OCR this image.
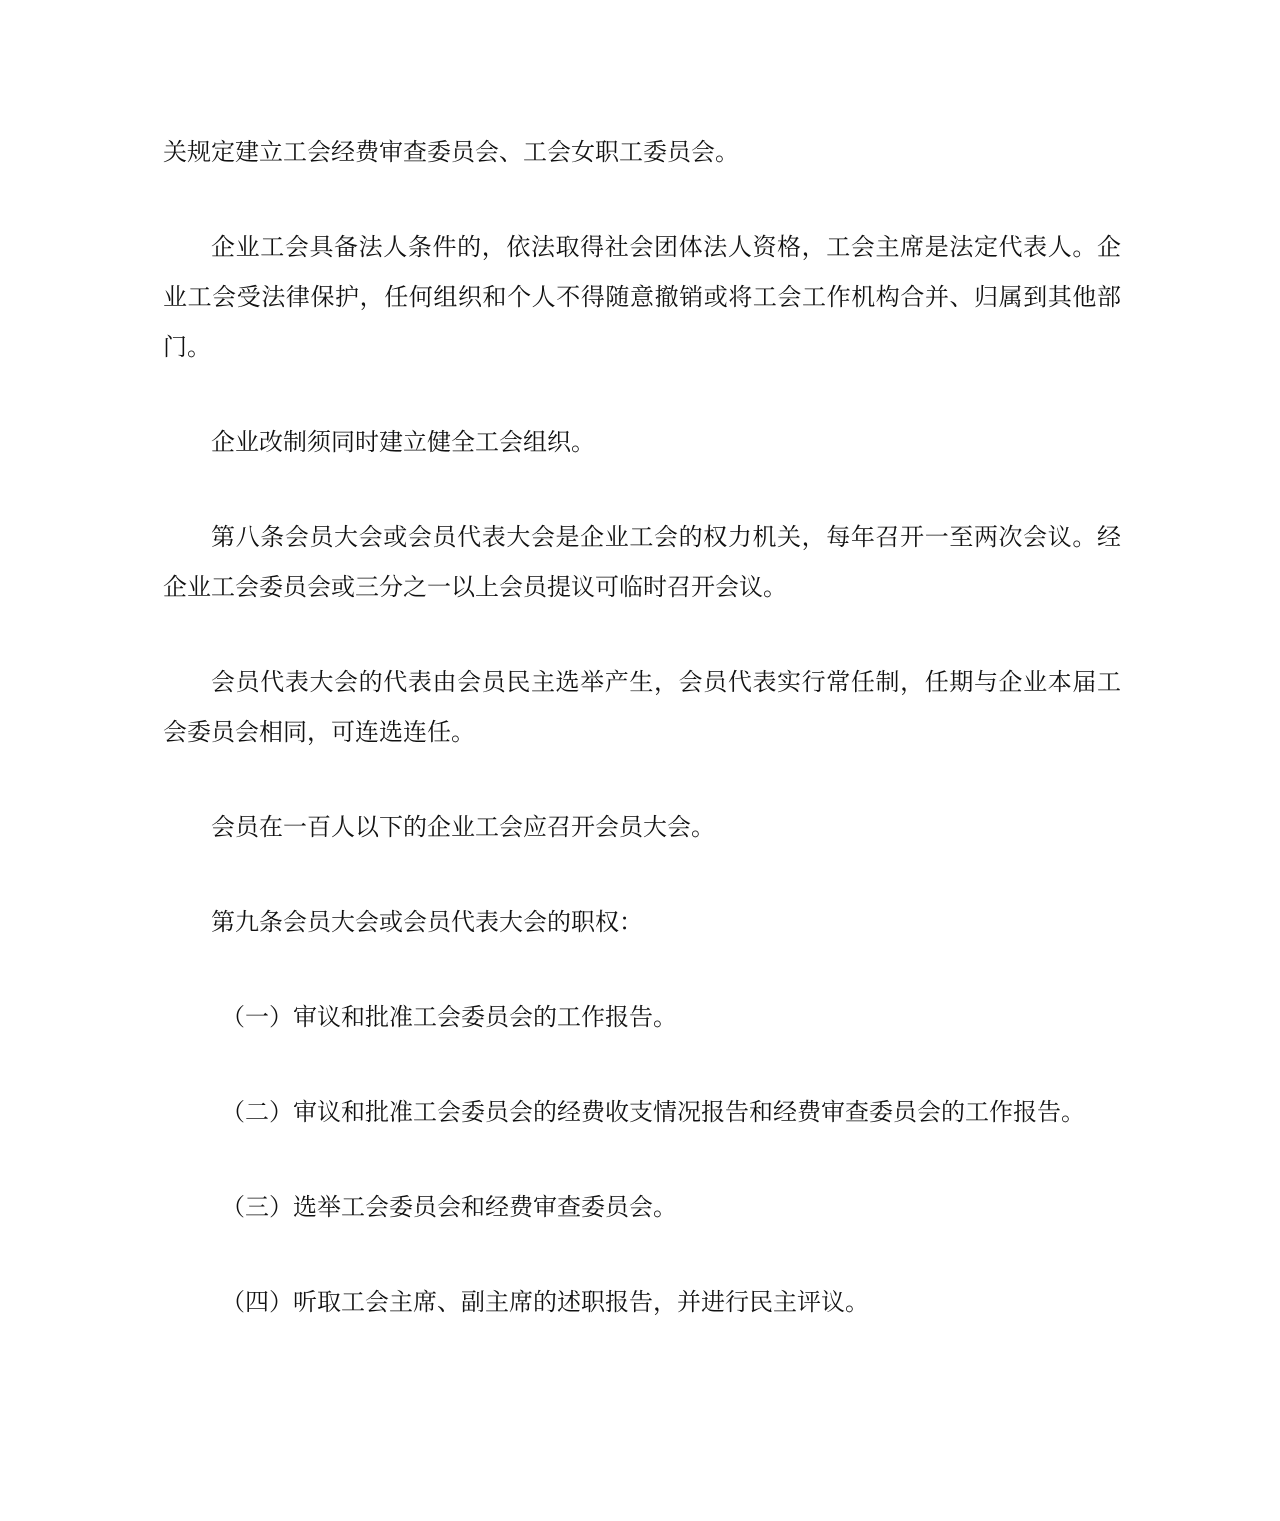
关规定建立工会经费审查委员会、工会女职工委员会。

企业工会具备法人条件的，依法取得社会团体法人资格，工会主席是法定代表人。企业工会受法律保护，任何组织和个人不得随意撤销或将工会工作机构合并、归属到其他部门。

企业改制须同时建立健全工会组织。

第八条会员大会或会员代表大会是企业工会的权力机关，每年召开一至两次会议。经企业工会委员会或三分之一以上会员提议可临时召开会议。

会员代表大会的代表由会员民主选举产生，会员代表实行常任制，任期与企业本届工会委员会相同，可连选连任。

会员在一百人以下的企业工会应召开会员大会。

第九条会员大会或会员代表大会的职权：

（一）审议和批准工会委员会的工作报告。

（二）审议和批准工会委员会的经费收支情况报告和经费审查委员会的工作报告。

（三）选举工会委员会和经费审查委员会。

（四）听取工会主席、副主席的述职报告，并进行民主评议。
